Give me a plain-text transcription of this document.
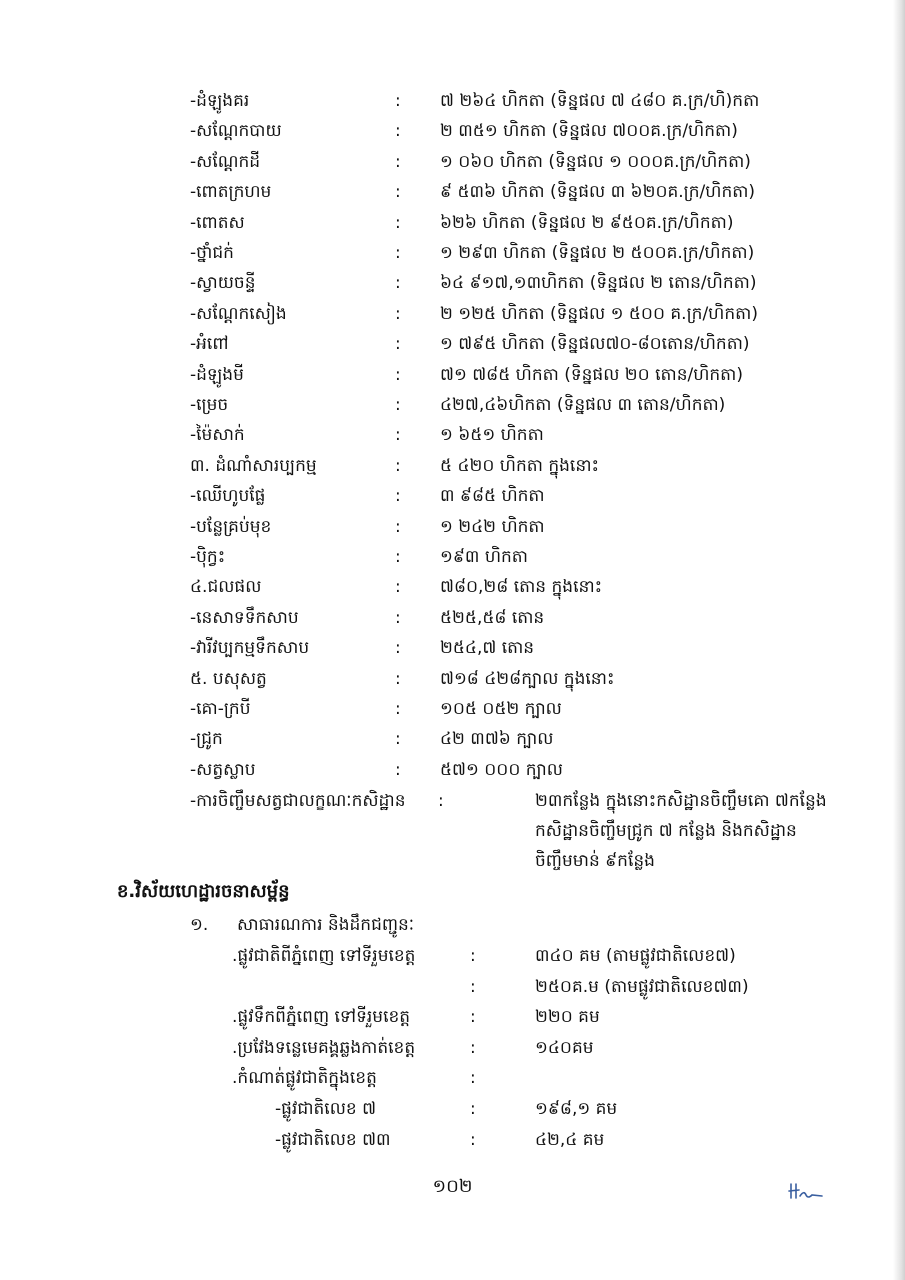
-ដំឡូងគរ	: ៧ ២៦៤ ហិកតា (ទិន្នផល ៧ ៤៨០ គ.ក្រ/ហិ)កតា
-សណ្តែកបាយ	: ២ ៣៥១ ហិកតា (ទិន្នផល ៧០០គ.ក្រ/ហិកតា)
-សណ្តែកដី	: ១ ០៦០ ហិកតា (ទិន្នផល ១ ០០០គ.ក្រ/ហិកតា)
-ពោតក្រហម	: ៩ ៥៣៦ ហិកតា (ទិន្នផល ៣ ៦២០គ.ក្រ/ហិកតា)
-ពោតស	: ៦២៦ ហិកតា (ទិន្នផល ២ ៩៥០គ.ក្រ/ហិកតា)
-ថ្នាំជក់	: ១ ២៩៣ ហិកតា (ទិន្នផល ២ ៥០០គ.ក្រ/ហិកតា)
-ស្វាយចន្ទី	: ៦៤ ៩១៧,១៣ហិកតា (ទិន្នផល ២ តោន/ហិកតា)
-សណ្តែកសៀង	: ២ ១២៥ ហិកតា (ទិន្នផល ១ ៥០០ គ.ក្រ/ហិកតា)
-អំពៅ	: ១ ៧៩៥ ហិកតា (ទិន្នផល៧០-៨០តោន/ហិកតា)
-ដំឡូងមី	: ៧១ ៧៨៥ ហិកតា (ទិន្នផល ២០ តោន/ហិកតា)
-ម្រេច	: ៤២៧,៤៦ហិកតា (ទិន្នផល ៣ តោន/ហិកតា)
-ម៉ៃសាក់	: ១ ៦៥១ ហិកតា
៣. ដំណាំសារប្បកម្ម	: ៥ ៤២០ ហិកតា ក្នុងនោះ
-ឈើហូបផ្លែ	: ៣ ៩៨៥ ហិកតា
-បន្លែគ្រប់មុខ	: ១ ២៤២ ហិកតា
-ប៉ិក្វះ	: ១៩៣ ហិកតា
៤.ជលផល	: ៧៨០,២៨ តោន ក្នុងនោះ
-នេសាទទឹកសាប	: ៥២៥,៥៨ តោន
-វារីវប្បកម្មទឹកសាប	: ២៥៤,៧ តោន
៥. បសុសត្វ	: ៧១៨ ៤២៨ក្បាល ក្នុងនោះ
-គោ-ក្របី	: ១០៥ ០៥២ ក្បាល
-ជ្រូក	: ៤២ ៣៧៦ ក្បាល
-សត្វស្លាប	: ៥៧១ ០០០ ក្បាល
-ការចិញ្ចឹមសត្វជាលក្ខណៈកសិដ្ឋាន :	២៣កន្លែង ក្នុងនោះកសិដ្ឋានចិញ្ចឹមគោ ៧កន្លែង
កសិដ្ឋានចិញ្ចឹមជ្រូក ៧ កន្លែង និងកសិដ្ឋាន
ចិញ្ចឹមមាន់ ៩កន្លែង
ខ.វិស័យហេដ្ឋារចនាសម្ព័ន្ធ
១. សាធារណការ និងដឹកជញ្ជូនៈ
.ផ្លូវជាតិពីភ្នំពេញ ទៅទីរួមខេត្ត	:	៣៤០ គម (តាមផ្លូវជាតិលេខ៧)
:	២៥០គ.ម (តាមផ្លូវជាតិលេខ៧៣)
.ផ្លូវទឹកពីភ្នំពេញ ទៅទីរួមខេត្ត	:	២២០ គម
.ប្រវែងទន្លេមេគង្គឆ្លងកាត់ខេត្ត	:	១៤០គម
.កំណាត់ផ្លូវជាតិក្នុងខេត្ត	:
-ផ្លូវជាតិលេខ ៧	:	១៩៨,១ គម
-ផ្លូវជាតិលេខ ៧៣	:	៤២,៤ គម
១០២
